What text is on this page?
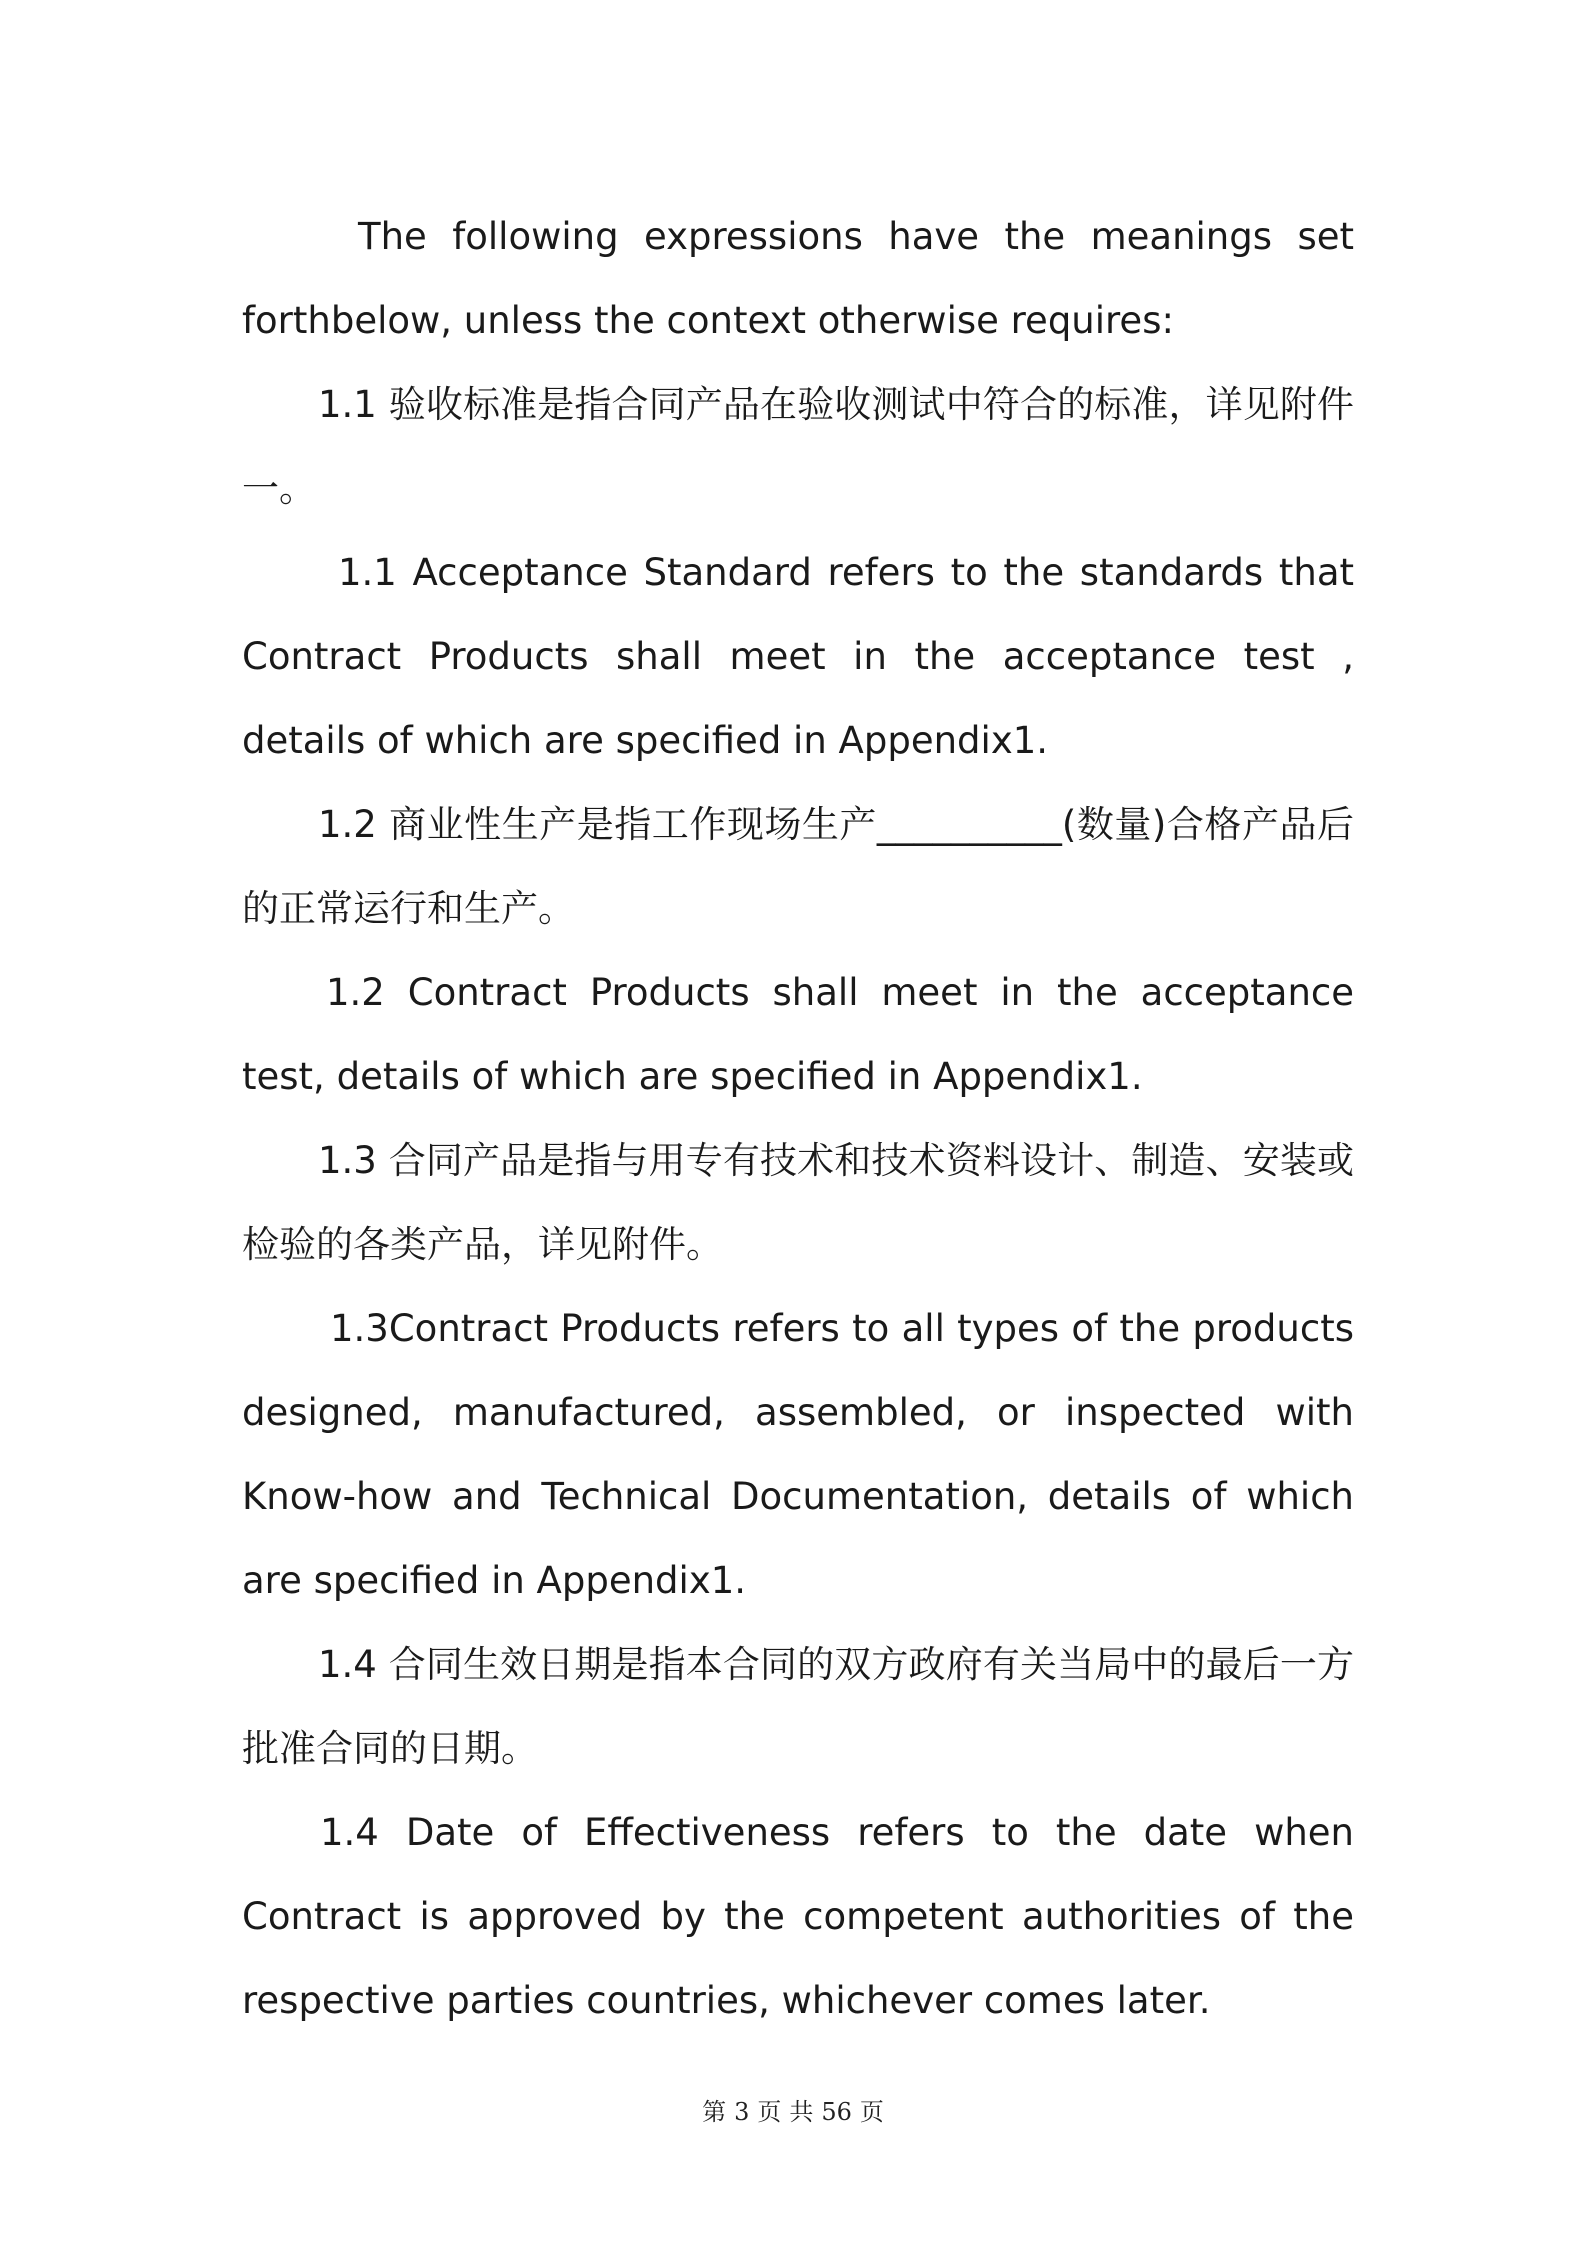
The following expressions have the meanings set forthbelow, unless the context otherwise requires:

1.1 验收标准是指合同产品在验收测试中符合的标准，详见附件一。

1.1 Acceptance Standard refers to the standards that Contract Products shall meet in the acceptance test , details of which are specified in Appendix1.

1.2 商业性生产是指工作现场生产__________(数量)合格产品后的正常运行和生产。

1.2 Contract Products shall meet in the acceptance test, details of which are specified in Appendix1.

1.3 合同产品是指与用专有技术和技术资料设计、制造、安装或检验的各类产品，详见附件。

1.3Contract Products refers to all types of the products designed, manufactured, assembled, or inspected with Know-how and Technical Documentation, details of which are specified in Appendix1.

1.4 合同生效日期是指本合同的双方政府有关当局中的最后一方批准合同的日期。

1.4 Date of Effectiveness refers to the date when Contract is approved by the competent authorities of the respective parties countries, whichever comes later.

第 3 页 共 56 页
